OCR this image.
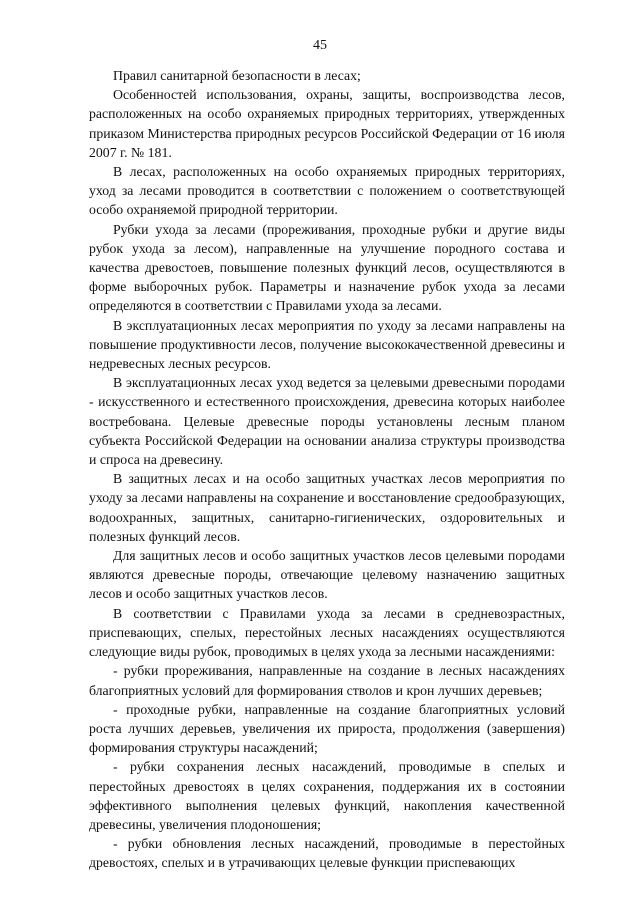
45

Правил санитарной безопасности в лесах;

Особенностей использования, охраны, защиты, воспроизводства лесов, расположенных на особо охраняемых природных территориях, утвержденных приказом Министерства природных ресурсов Российской Федерации от 16 июля 2007 г. № 181.

В лесах, расположенных на особо охраняемых природных территориях, уход за лесами проводится в соответствии с положением о соответствующей особо охраняемой природной территории.

Рубки ухода за лесами (прореживания, проходные рубки и другие виды рубок ухода за лесом), направленные на улучшение породного состава и качества древостоев, повышение полезных функций лесов, осуществляются в форме выборочных рубок. Параметры и назначение рубок ухода за лесами определяются в соответствии с Правилами ухода за лесами.

В эксплуатационных лесах мероприятия по уходу за лесами направлены на повышение продуктивности лесов, получение высококачественной древесины и недревесных лесных ресурсов.

В эксплуатационных лесах уход ведется за целевыми древесными породами - искусственного и естественного происхождения, древесина которых наиболее востребована. Целевые древесные породы установлены лесным планом субъекта Российской Федерации на основании анализа структуры производства и спроса на древесину.

В защитных лесах и на особо защитных участках лесов мероприятия по уходу за лесами направлены на сохранение и восстановление средообразующих, водоохранных, защитных, санитарно-гигиенических, оздоровительных и полезных функций лесов.

Для защитных лесов и особо защитных участков лесов целевыми породами являются древесные породы, отвечающие целевому назначению защитных лесов и особо защитных участков лесов.

В соответствии с Правилами ухода за лесами в средневозрастных, приспевающих, спелых, перестойных лесных насаждениях осуществляются следующие виды рубок, проводимых в целях ухода за лесными насаждениями:

- рубки прореживания, направленные на создание в лесных насаждениях благоприятных условий для формирования стволов и крон лучших деревьев;

- проходные рубки, направленные на создание благоприятных условий роста лучших деревьев, увеличения их прироста, продолжения (завершения) формирования структуры насаждений;

- рубки сохранения лесных насаждений, проводимые в спелых и перестойных древостоях в целях сохранения, поддержания их в состоянии эффективного выполнения целевых функций, накопления качественной древесины, увеличения плодоношения;

- рубки обновления лесных насаждений, проводимые в перестойных древостоях, спелых и в утрачивающих целевые функции приспевающих
